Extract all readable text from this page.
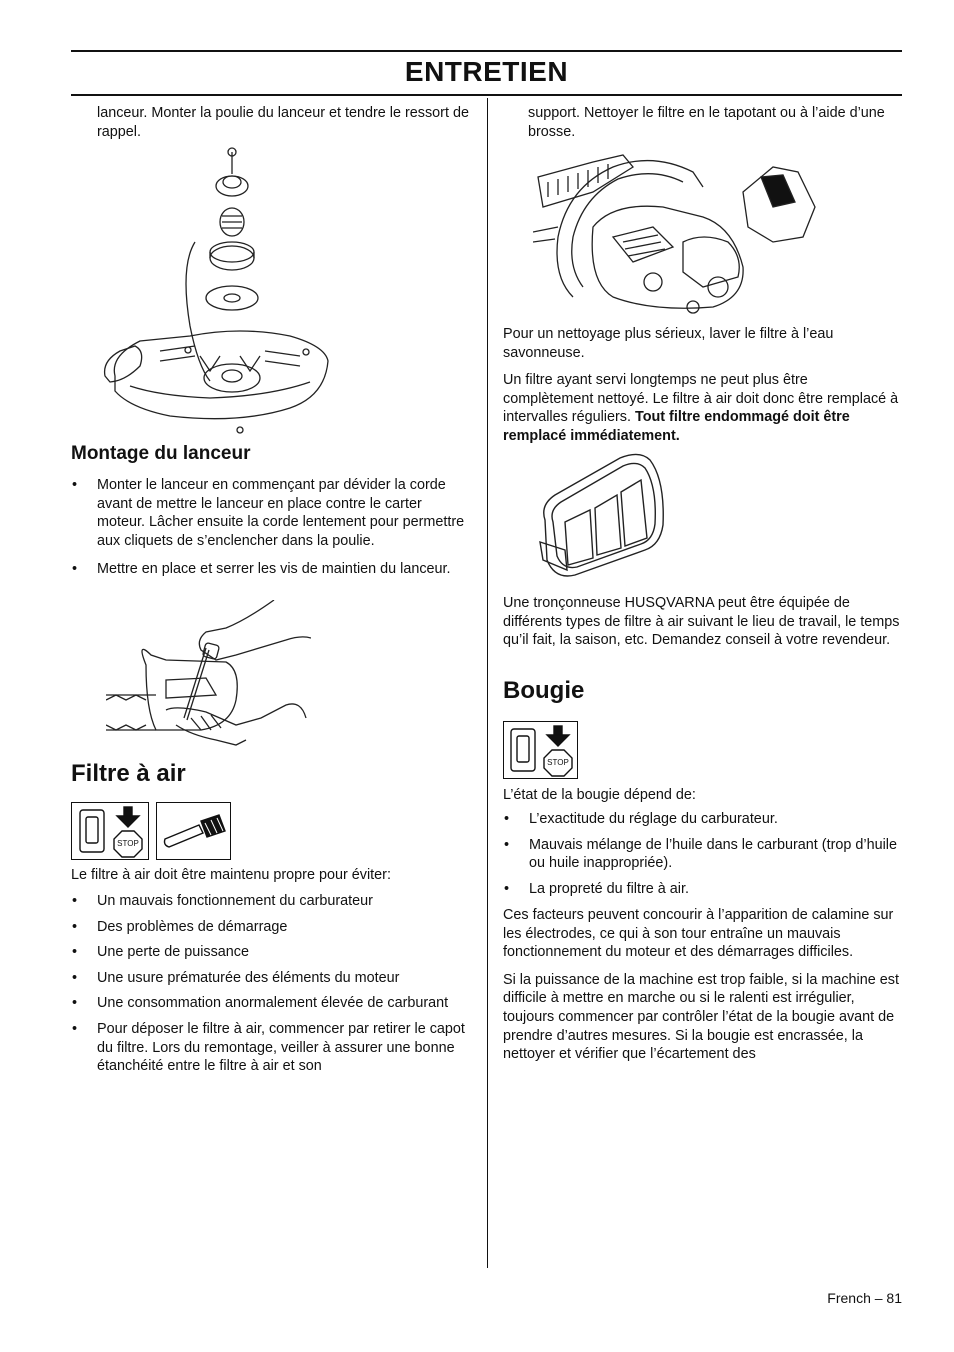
ENTRETIEN

lanceur. Monter la poulie du lanceur et tendre le ressort de rappel.

Montage du lanceur
• Monter le lanceur en commençant par dévider la corde avant de mettre le lanceur en place contre le carter moteur. Lâcher ensuite la corde lentement pour permettre aux cliquets de s’enclencher dans la poulie.
• Mettre en place et serrer les vis de maintien du lanceur.
Filtre à air
STOP

Le filtre à air doit être maintenu propre pour éviter:

• Un mauvais fonctionnement du carburateur
• Des problèmes de démarrage
• Une perte de puissance
• Une usure prématurée des éléments du moteur
• Une consommation anormalement élevée de carburant
• Pour déposer le filtre à air, commencer par retirer le capot du filtre. Lors du remontage, veiller à assurer une bonne étanchéité entre le filtre à air et son

support. Nettoyer le filtre en le tapotant ou à l’aide d’une brosse.

Pour un nettoyage plus sérieux, laver le filtre à l’eau savonneuse.

Un filtre ayant servi longtemps ne peut plus être complètement nettoyé. Le filtre à air doit donc être remplacé à intervalles réguliers. Tout filtre endommagé doit être remplacé immédiatement.

Une tronçonneuse HUSQVARNA peut être équipée de différents types de filtre à air suivant le lieu de travail, le temps qu’il fait, la saison, etc. Demandez conseil à votre revendeur.

Bougie
STOP

L’état de la bougie dépend de:

• L’exactitude du réglage du carburateur.
• Mauvais mélange de l’huile dans le carburant (trop d’huile ou huile inappropriée).
• La propreté du filtre à air.

Ces facteurs peuvent concourir à l’apparition de calamine sur les électrodes, ce qui à son tour entraîne un mauvais fonctionnement du moteur et des démarrages difficiles.

Si la puissance de la machine est trop faible, si la machine est difficile à mettre en marche ou si le ralenti est irrégulier, toujours commencer par contrôler l’état de la bougie avant de prendre d’autres mesures. Si la bougie est encrassée, la nettoyer et vérifier que l’écartement des

French – 81
